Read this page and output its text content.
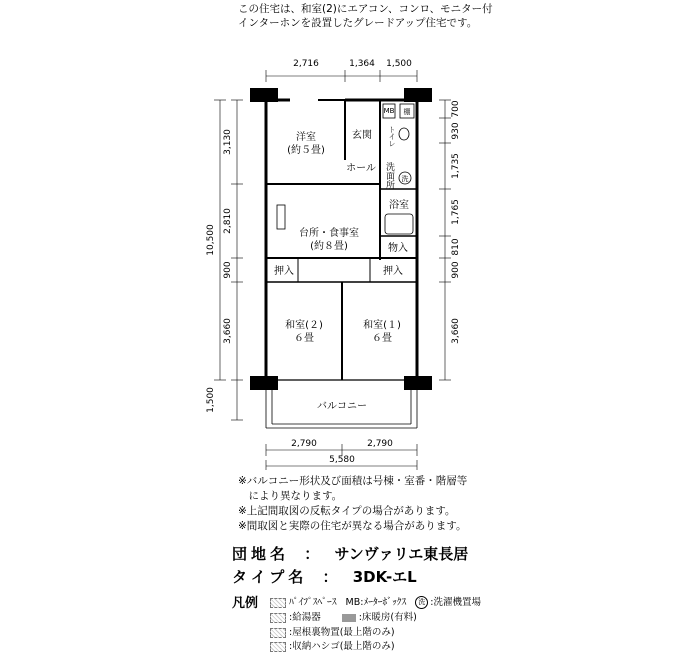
この住宅は、和室(2)にエアコン、コンロ、モニター付インターホンを設置したグレードアップ住宅です。
2,716	1,364 1,500
3,130
2,810
900
3,660
1,500
10,500
700
930
1,735
1,765
810
900
3,660
2,790	2,790
5,580
洋室
(約５畳)
玄関
MB 棚
トイレ
ホール 洗面所 洗
浴室
台所・食事室
(約８畳)	物入
押入	押入
和室(２)
６畳
和室(１)
６畳
バルコニー
※バルコニー形状及び面積は号棟・室番・階層等
　により異なります。
※上記間取図の反転タイプの場合があります。
※間取図と実際の住宅が異なる場合があります。
団地名 ： サンヴァリエ東長居
タイプ名 ： 3DK-エL
凡例	ﾊﾟｲﾌﾟｽﾍﾟｰｽ MB:ﾒｰﾀｰﾎﾞｯｸｽ 洗 :洗濯機置場
:給湯器	:床暖房(有料)
:屋根裏物置(最上階のみ)
:収納ハシゴ(最上階のみ)
